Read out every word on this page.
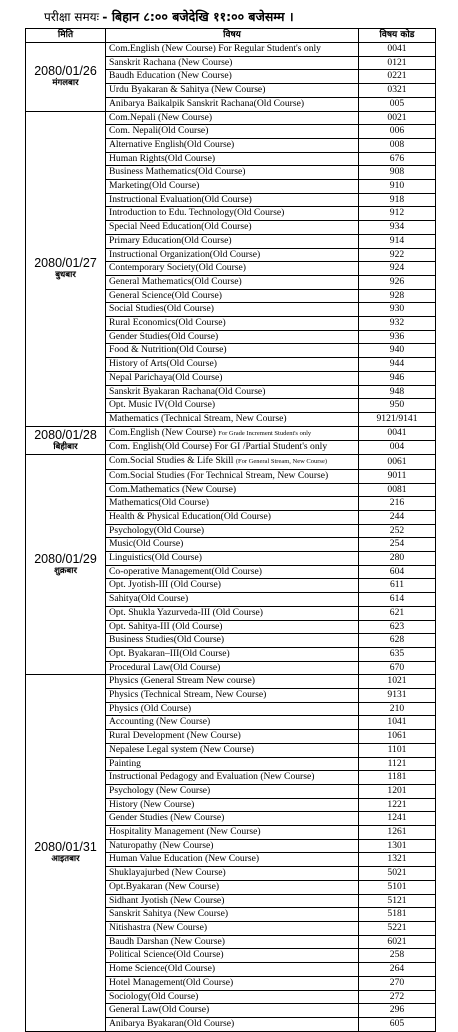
परीक्षा समयः - बिहान ८:०० बजेदेखि ११:०० बजेसम्म ।
मिति	विषय	विषय कोड

2080/01/26
मंगलबार	Com.English (New Course) For Regular Student's only	0041
	Sanskrit Rachana (New Course)	0121
	Baudh Education (New Course)	0221
	Urdu Byakaran & Sahitya (New Course)	0321
	Anibarya Baikalpik Sanskrit Rachana(Old Course)	005

2080/01/27
बुधबार	Com.Nepali (New Course)	0021
	Com. Nepali(Old Course)	006
	Alternative English(Old Course)	008
	Human Rights(Old Course)	676
	Business Mathematics(Old Course)	908
	Marketing(Old Course)	910
	Instructional Evaluation(Old Course)	918
	Introduction to Edu. Technology(Old Course)	912
	Special Need Education(Old Course)	934
	Primary Education(Old Course)	914
	Instructional Organization(Old Course)	922
	Contemporary Society(Old Course)	924
	General Mathematics(Old Course)	926
	General Science(Old Course)	928
	Social Studies(Old Course)	930
	Rural Economics(Old Course)	932
	Gender Studies(Old Course)	936
	Food & Nutrition(Old Course)	940
	History of Arts(Old Course)	944
	Nepal Parichaya(Old Course)	946
	Sanskrit Byakaran Rachana(Old Course)	948
	Opt. Music IV(Old Course)	950
	Mathematics (Technical Stream, New Course)	9121/9141

2080/01/28
बिहीबार	Com.English (New Course) For Grade Increment Student's only	0041
	Com. English(Old Course) For GI /Partial Student's only	004

2080/01/29
शुक्रबार	Com.Social Studies & Life Skill (For General Stream, New Course)	0061
	Com.Social Studies (For Technical Stream, New Course)	9011
	Com.Mathematics (New Course)	0081
	Mathematics(Old Course)	216
	Health & Physical Education(Old Course)	244
	Psychology(Old Course)	252
	Music(Old Course)	254
	Linguistics(Old Course)	280
	Co-operative Management(Old Course)	604
	Opt. Jyotish-III (Old Course)	611
	Sahitya(Old Course)	614
	Opt. Shukla Yazurveda-III (Old Course)	621
	Opt. Sahitya-III (Old Course)	623
	Business Studies(Old Course)	628
	Opt. Byakaran–III(Old Course)	635
	Procedural Law(Old Course)	670

2080/01/31
आइतबार	Physics (General Stream New course)	1021
	Physics (Technical Stream, New Course)	9131
	Physics (Old Course)	210
	Accounting (New Course)	1041
	Rural Development (New Course)	1061
	Nepalese Legal system (New Course)	1101
	Painting	1121
	Instructional Pedagogy and Evaluation (New Course)	1181
	Psychology (New Course)	1201
	History (New Course)	1221
	Gender Studies (New Course)	1241
	Hospitality Management (New Course)	1261
	Naturopathy (New Course)	1301
	Human Value Education (New Course)	1321
	Shuklayajurbed (New Course)	5021
	Opt.Byakaran (New Course)	5101
	Sidhant Jyotish (New Course)	5121
	Sanskrit Sahitya (New Course)	5181
	Nitishastra (New Course)	5221
	Baudh Darshan (New Course)	6021
	Political Science(Old Course)	258
	Home Science(Old Course)	264
	Hotel Management(Old Course)	270
	Sociology(Old Course)	272
	General Law(Old Course)	296
	Anibarya Byakaran(Old Course)	605
